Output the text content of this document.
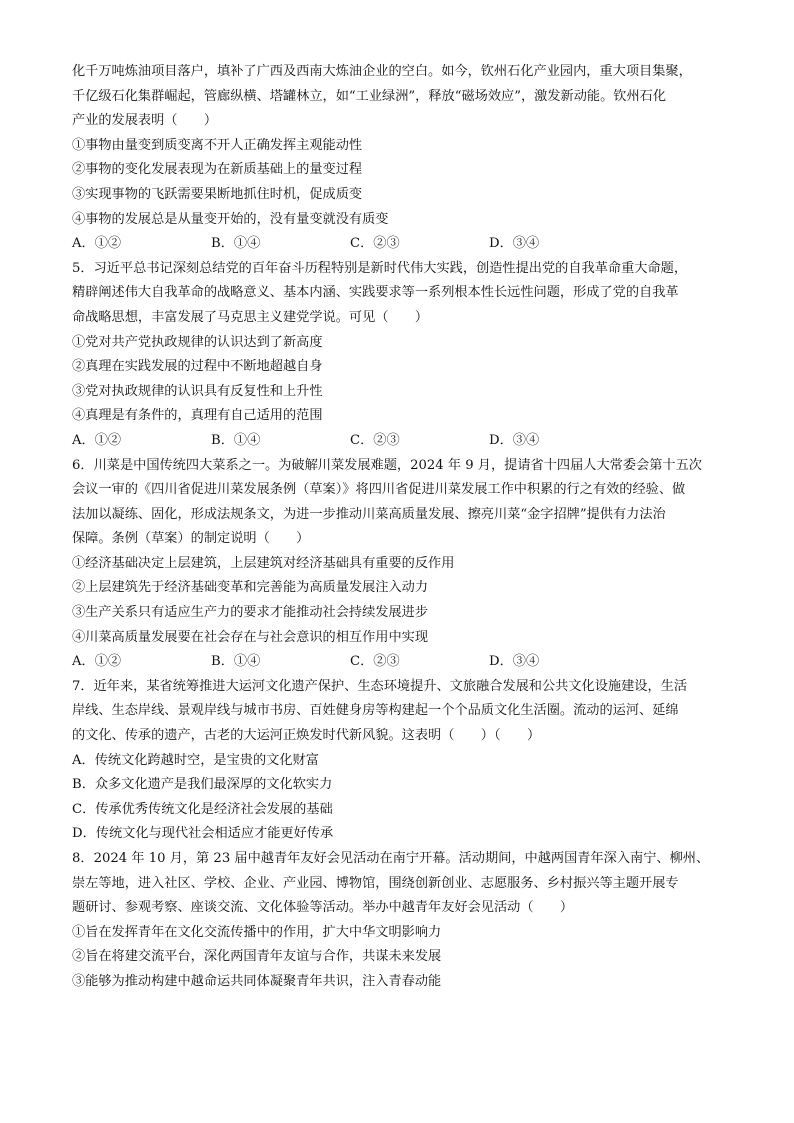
化千万吨炼油项目落户，填补了广西及西南大炼油企业的空白。如今，钦州石化产业园内，重大项目集聚，
千亿级石化集群崛起，管廊纵横、塔罐林立，如“工业绿洲”，释放“磁场效应”，激发新动能。钦州石化
产业的发展表明（　　）
①事物由量变到质变离不开人正确发挥主观能动性
②事物的变化发展表现为在新质基础上的量变过程
③实现事物的飞跃需要果断地抓住时机，促成质变
④事物的发展总是从量变开始的，没有量变就没有质变
A．①②	B．①④	C．②③	D．③④
5．习近平总书记深刻总结党的百年奋斗历程特别是新时代伟大实践，创造性提出党的自我革命重大命题，
精辟阐述伟大自我革命的战略意义、基本内涵、实践要求等一系列根本性长远性问题，形成了党的自我革
命战略思想，丰富发展了马克思主义建党学说。可见（　　）
①党对共产党执政规律的认识达到了新高度
②真理在实践发展的过程中不断地超越自身
③党对执政规律的认识具有反复性和上升性
④真理是有条件的，真理有自己适用的范围
A．①②	B．①④	C．②③	D．③④
6．川菜是中国传统四大菜系之一。为破解川菜发展难题，2024 年 9 月，提请省十四届人大常委会第十五次
会议一审的《四川省促进川菜发展条例（草案）》将四川省促进川菜发展工作中积累的行之有效的经验、做
法加以凝练、固化，形成法规条文，为进一步推动川菜高质量发展、擦亮川菜“金字招牌”提供有力法治
保障。条例（草案）的制定说明（　　）
①经济基础决定上层建筑，上层建筑对经济基础具有重要的反作用
②上层建筑先于经济基础变革和完善能为高质量发展注入动力
③生产关系只有适应生产力的要求才能推动社会持续发展进步
④川菜高质量发展要在社会存在与社会意识的相互作用中实现
A．①②	B．①④	C．②③	D．③④
7．近年来，某省统筹推进大运河文化遗产保护、生态环境提升、文旅融合发展和公共文化设施建设，生活
岸线、生态岸线、景观岸线与城市书房、百姓健身房等构建起一个个品质文化生活圈。流动的运河、延绵
的文化、传承的遗产，古老的大运河正焕发时代新风貌。这表明（　　）（　　）
A．传统文化跨越时空，是宝贵的文化财富
B．众多文化遗产是我们最深厚的文化软实力
C．传承优秀传统文化是经济社会发展的基础
D．传统文化与现代社会相适应才能更好传承
8．2024 年 10 月，第 23 届中越青年友好会见活动在南宁开幕。活动期间，中越两国青年深入南宁、柳州、
崇左等地，进入社区、学校、企业、产业园、博物馆，围绕创新创业、志愿服务、乡村振兴等主题开展专
题研讨、参观考察、座谈交流、文化体验等活动。举办中越青年友好会见活动（　　）
①旨在发挥青年在文化交流传播中的作用，扩大中华文明影响力
②旨在将建交流平台，深化两国青年友谊与合作，共谋未来发展
③能够为推动构建中越命运共同体凝聚青年共识，注入青春动能
